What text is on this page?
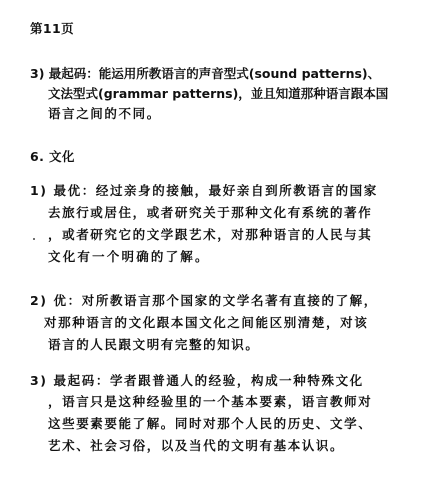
第11页
3) 最起码：能运用所教语言的声音型式(sound patterns)、
文法型式(grammar patterns)，並且知道那种语言跟本国
语言之间的不同。
6. 文化
1) 最优：经过亲身的接触，最好亲自到所教语言的国家
去旅行或居住，或者研究关于那种文化有系统的著作
，或者研究它的文学跟艺术，对那种语言的人民与其
文化有一个明确的了解。
2) 优：对所教语言那个国家的文学名著有直接的了解，
对那种语言的文化跟本国文化之间能区别清楚，对该
语言的人民跟文明有完整的知识。
3) 最起码：学者跟普通人的经验，构成一种特殊文化
，语言只是这种经验里的一个基本要素，语言教师对
这些要素要能了解。同时对那个人民的历史、文学、
艺术、社会习俗，以及当代的文明有基本认识。
